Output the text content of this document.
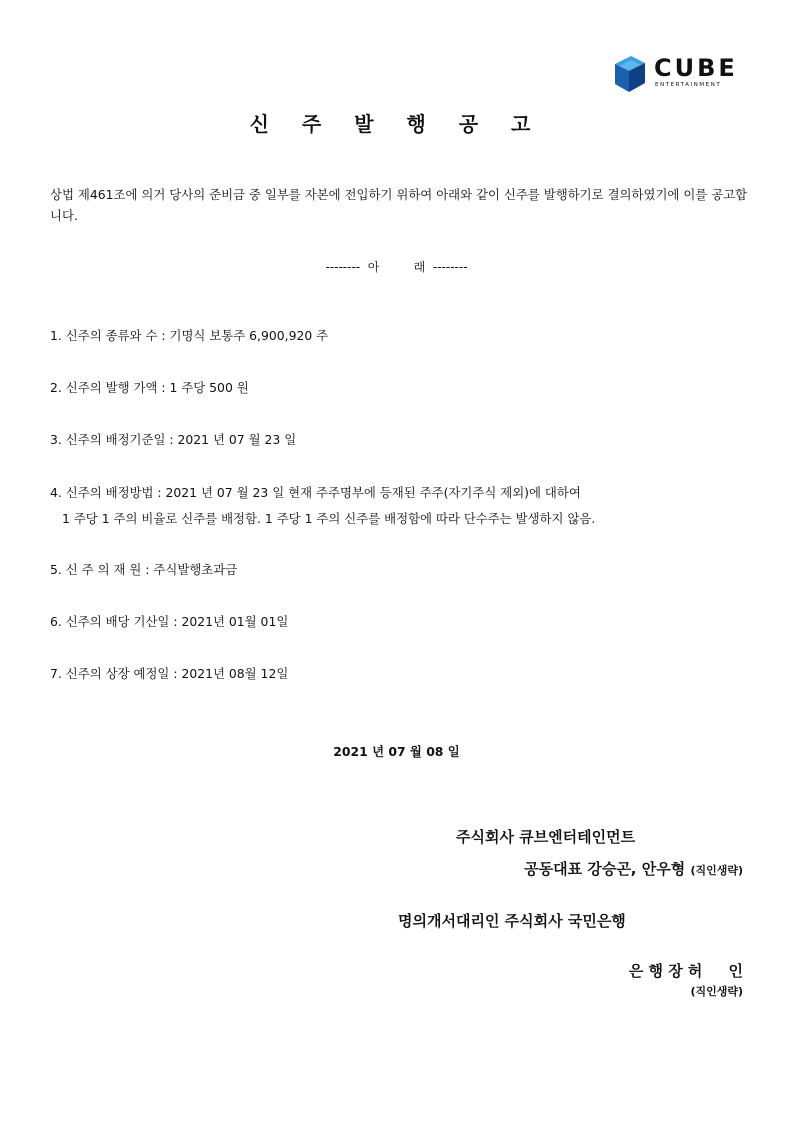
CUBE
ENTERTAINMENT
신 주 발 행 공 고
상법 제461조에 의거 당사의 준비금 중 일부를 자본에 전입하기 위하여 아래와 같이 신주를 발행하기로 결의하였기에 이를 공고합니다.
--------  아         래  --------
1. 신주의 종류와 수 : 기명식 보통주 6,900,920 주
2. 신주의 발행 가액 : 1 주당 500 원
3. 신주의 배정기준일 : 2021 년 07 월 23 일
4. 신주의 배정방법 : 2021 년 07 월 23 일 현재 주주명부에 등재된 주주(자기주식 제외)에 대하여
1 주당 1 주의 비율로 신주를 배정함. 1 주당 1 주의 신주를 배정함에 따라 단수주는 발생하지 않음.
5. 신 주 의 재 원 : 주식발행초과금
6. 신주의 배당 기산일 : 2021년 01월 01일
7. 신주의 상장 예정일 : 2021년 08월 12일
2021 년 07 월 08 일
주식회사 큐브엔터테인먼트
공동대표 강승곤, 안우형 (직인생략)
명의개서대리인 주식회사 국민은행

은 행 장 허     인
(직인생략)
